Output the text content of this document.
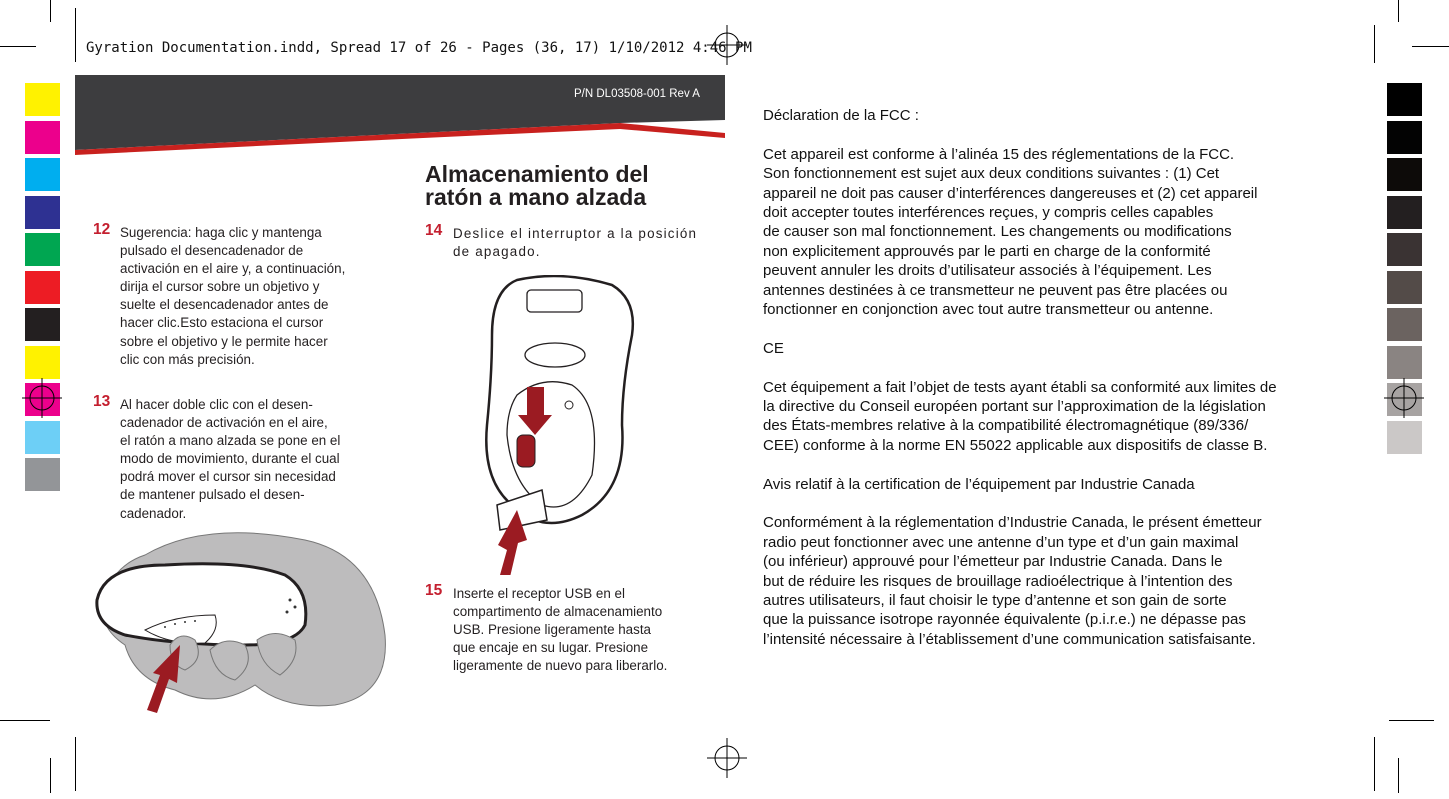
Gyration Documentation.indd, Spread 17 of 26 - Pages (36, 17) 1/10/2012 4:46 PM
P/N DL03508-001 Rev A
Almacenamiento del
ratón a mano alzada
12 Sugerencia: haga clic y mantenga
pulsado el desencadenador de
activación en el aire y, a continuación,
dirija el cursor sobre un objetivo y
suelte el desencadenador antes de
hacer clic.Esto estaciona el cursor
sobre el objetivo y le permite hacer
clic con más precisión.
13 Al hacer doble clic con el desen-
cadenador de activación en el aire,
el ratón a mano alzada se pone en el
modo de movimiento, durante el cual
podrá mover el cursor sin necesidad
de mantener pulsado el desen-
cadenador.
14 Deslice el interruptor a la posición
de apagado.
15 Inserte el receptor USB en el
compartimento de almacenamiento
USB. Presione ligeramente hasta
que encaje en su lugar. Presione
ligeramente de nuevo para liberarlo.

Déclaration de la FCC :

Cet appareil est conforme à l’alinéa 15 des réglementations de la FCC.

Son fonctionnement est sujet aux deux conditions suivantes : (1) Cet

appareil ne doit pas causer d’interférences dangereuses et (2) cet appareil

doit accepter toutes interférences reçues, y compris celles capables

de causer son mal fonctionnement. Les changements ou modifications

non explicitement approuvés par le parti en charge de la conformité

peuvent annuler les droits d’utilisateur associés à l’équipement. Les

antennes destinées à ce transmetteur ne peuvent pas être placées ou

fonctionner en conjonction avec tout autre transmetteur ou antenne.

CE

Cet équipement a fait l’objet de tests ayant établi sa conformité aux limites de

la directive du Conseil européen portant sur l’approximation de la législation

des États-membres relative à la compatibilité électromagnétique (89/336/

CEE) conforme à la norme EN 55022 applicable aux dispositifs de classe B.

Avis relatif à la certification de l’équipement par Industrie Canada

Conformément à la réglementation d’Industrie Canada, le présent émetteur

radio peut fonctionner avec une antenne d’un type et d’un gain maximal

(ou inférieur) approuvé pour l’émetteur par Industrie Canada. Dans le

but de réduire les risques de brouillage radioélectrique à l’intention des

autres utilisateurs, il faut choisir le type d’antenne et son gain de sorte

que la puissance isotrope rayonnée équivalente (p.i.r.e.) ne dépasse pas

l’intensité nécessaire à l’établissement d’une communication satisfaisante.
